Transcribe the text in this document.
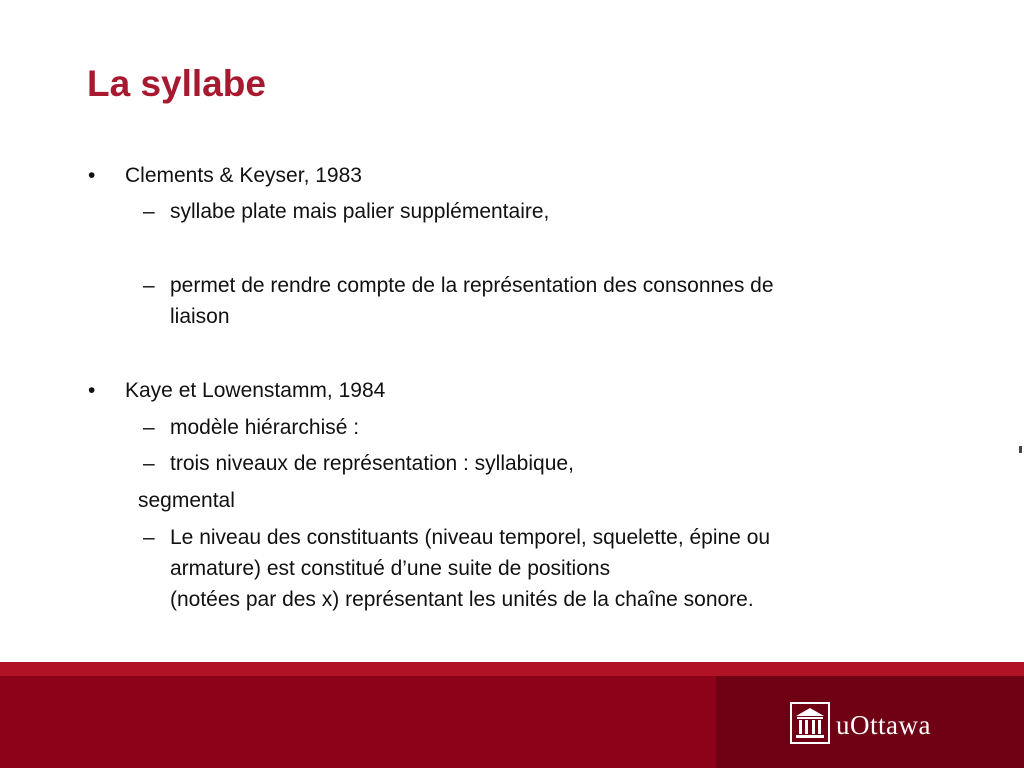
La syllabe
• Clements & Keyser, 1983
– syllabe plate mais palier supplémentaire,
– permet de rendre compte de la représentation des consonnes de
liaison
• Kaye et Lowenstamm, 1984
– modèle hiérarchisé :
– trois niveaux de représentation : syllabique,
segmental
– Le niveau des constituants (niveau temporel, squelette, épine ou
armature) est constitué d’une suite de positions
(notées par des x) représentant les unités de la chaîne sonore.
uOttawa
